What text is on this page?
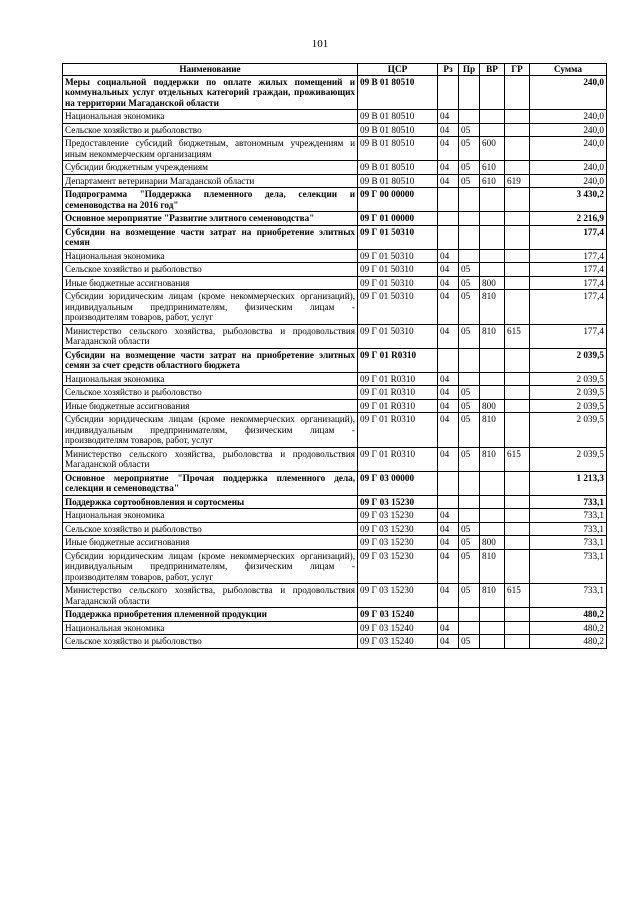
101
Наименование	ЦСР	Рз	Пр	ВР	ГР	Сумма
Меры социальной поддержки по оплате жилых помещений и коммунальных услуг отдельных категорий граждан, проживающих на территории Магаданской области	09 В 01 80510					240,0
Национальная экономика	09 В 01 80510	04				240,0
Сельское хозяйство и рыболовство	09 В 01 80510	04	05			240,0
Предоставление субсидий бюджетным, автономным учреждениям и иным некоммерческим организациям	09 В 01 80510	04	05	600		240,0
Субсидии бюджетным учреждениям	09 В 01 80510	04	05	610		240,0
Департамент ветеринарии Магаданской области	09 В 01 80510	04	05	610	619	240,0
Подпрограмма "Поддержка племенного дела, селекции и семеноводства на 2016 год"	09 Г 00 00000					3 430,2
Основное мероприятие "Развитие элитного семеноводства"	09 Г 01 00000					2 216,9
Субсидии на возмещение части затрат на приобретение элитных семян	09 Г 01 50310					177,4
Национальная экономика	09 Г 01 50310	04				177,4
Сельское хозяйство и рыболовство	09 Г 01 50310	04	05			177,4
Иные бюджетные ассигнования	09 Г 01 50310	04	05	800		177,4
Субсидии юридическим лицам (кроме некоммерческих организаций), индивидуальным предпринимателям, физическим лицам - производителям товаров, работ, услуг	09 Г 01 50310	04	05	810		177,4
Министерство сельского хозяйства, рыболовства и продовольствия Магаданской области	09 Г 01 50310	04	05	810	615	177,4
Субсидии на возмещение части затрат на приобретение элитных семян за счет средств областного бюджета	09 Г 01 R0310					2 039,5
Национальная экономика	09 Г 01 R0310	04				2 039,5
Сельское хозяйство и рыболовство	09 Г 01 R0310	04	05			2 039,5
Иные бюджетные ассигнования	09 Г 01 R0310	04	05	800		2 039,5
Субсидии юридическим лицам (кроме некоммерческих организаций), индивидуальным предпринимателям, физическим лицам - производителям товаров, работ, услуг	09 Г 01 R0310	04	05	810		2 039,5
Министерство сельского хозяйства, рыболовства и продовольствия Магаданской области	09 Г 01 R0310	04	05	810	615	2 039,5
Основное мероприятие "Прочая поддержка племенного дела, селекции и семеноводства"	09 Г 03 00000					1 213,3
Поддержка сортообновления и сортосмены	09 Г 03 15230					733,1
Национальная экономика	09 Г 03 15230	04				733,1
Сельское хозяйство и рыболовство	09 Г 03 15230	04	05			733,1
Иные бюджетные ассигнования	09 Г 03 15230	04	05	800		733,1
Субсидии юридическим лицам (кроме некоммерческих организаций), индивидуальным предпринимателям, физическим лицам - производителям товаров, работ, услуг	09 Г 03 15230	04	05	810		733,1
Министерство сельского хозяйства, рыболовства и продовольствия Магаданской области	09 Г 03 15230	04	05	810	615	733,1
Поддержка приобретения племенной продукции	09 Г 03 15240					480,2
Национальная экономика	09 Г 03 15240	04				480,2
Сельское хозяйство и рыболовство	09 Г 03 15240	04	05			480,2
